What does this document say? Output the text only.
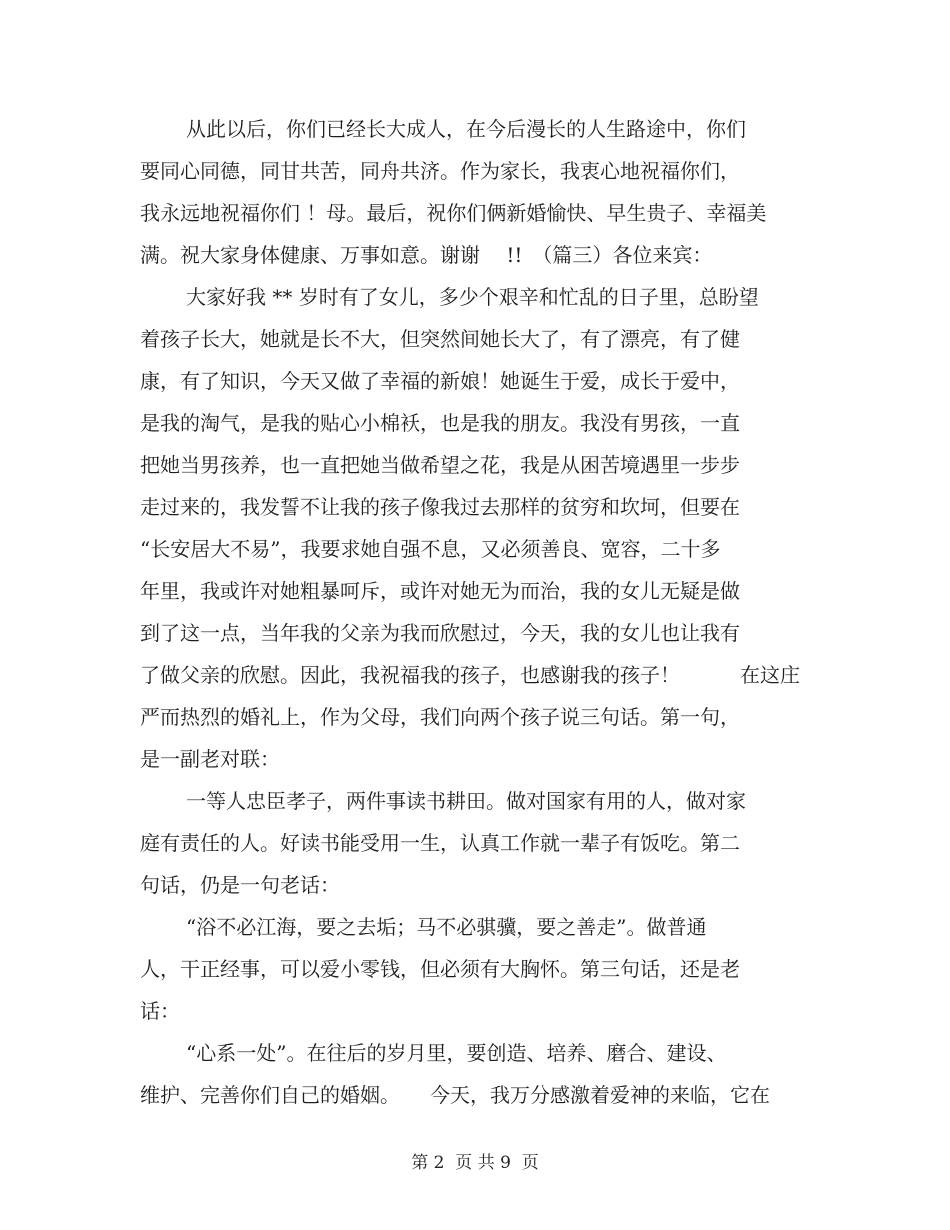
从此以后，你们已经长大成人，在今后漫长的人生路途中，你们
要同心同德，同甘共苦，同舟共济。作为家长，我衷心地祝福你们，
我永远地祝福你们 ！母。最后，祝你们俩新婚愉快、早生贵子、幸福美
满。祝大家身体健康、万事如意。谢谢　 !!　（篇三）各位来宾：
大家好我 ** 岁时有了女儿，多少个艰辛和忙乱的日子里，总盼望
着孩子长大，她就是长不大，但突然间她长大了，有了漂亮，有了健
康，有了知识，今天又做了幸福的新娘！她诞生于爱，成长于爱中，
是我的淘气，是我的贴心小棉袄，也是我的朋友。我没有男孩，一直
把她当男孩养，也一直把她当做希望之花，我是从困苦境遇里一步步
走过来的，我发誓不让我的孩子像我过去那样的贫穷和坎坷，但要在
“长安居大不易”，我要求她自强不息，又必须善良、宽容，二十多
年里，我或许对她粗暴呵斥，或许对她无为而治，我的女儿无疑是做
到了这一点，当年我的父亲为我而欣慰过，今天，我的女儿也让我有
了做父亲的欣慰。因此，我祝福我的孩子，也感谢我的孩子！　　　在这庄
严而热烈的婚礼上，作为父母，我们向两个孩子说三句话。第一句，
是一副老对联：
一等人忠臣孝子，两件事读书耕田。做对国家有用的人，做对家
庭有责任的人。好读书能受用一生，认真工作就一辈子有饭吃。第二
句话，仍是一句老话：
“浴不必江海，要之去垢；马不必骐骥，要之善走”。做普通
人，干正经事，可以爱小零钱，但必须有大胸怀。第三句话，还是老
话：
“心系一处”。在往后的岁月里，要创造、培养、磨合、建设、
维护、完善你们自己的婚姻。　　今天，我万分感激着爱神的来临，它在
第 2  页 共 9  页
